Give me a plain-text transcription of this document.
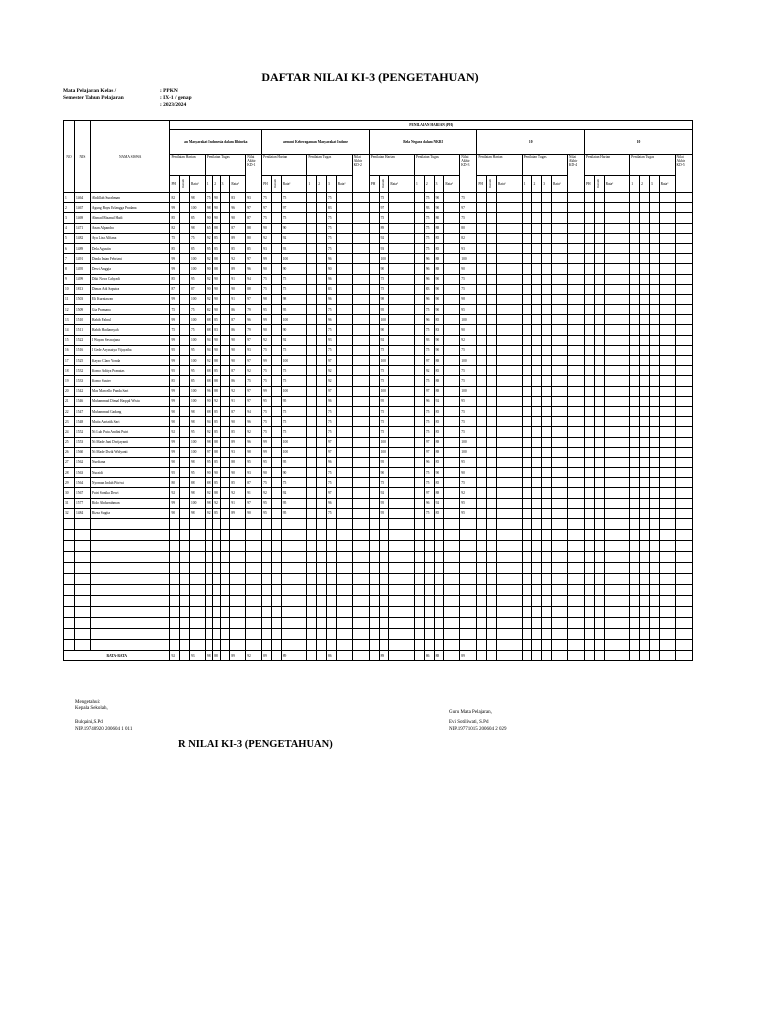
DAFTAR NILAI KI-3 (PENGETAHUAN)
Mata Pelajaran Kelas /	: PPKN
Semester Tahun Pelajaran	: IX-1 / genap
: 2023/2024
NO	NIS	NAMA SISWA	PENILAIAN HARIAN (PH)																																							
			an Masyarakat Indonesia dalam Bhineka								armoni Keberagaman Masyarakat Indone								Bela Negara dalam NKRI								10								10							
			Penilaian Harian			Penilaian Tugas				Nilai Akhir KD-1	Penilaian Harian			Penilaian Tugas				Nilai Akhir KD-2	Penilaian Harian			Penilaian Tugas				Nilai Akhir KD-3	Penilaian Harian			Penilaian Tugas				Nilai Akhir KD-4	Penilaian Harian			Penilaian Tugas				Nilai Akhir KD-5
			PH	Remidi	Rata²	1	2	3	Rata²		PH	Remidi	Rata²	1	2	3	Rata²		PH	Remidi	Rata²	1	2	3	Rata²		PH	Remidi	Rata²	1	2	3	Rata²		PH	Remidi	Rata²	1	2	3	Rata²	
1	1464	Abdillah Surahman	82		98	75	90		83	93	75		75			75				75			75	90		75																
2	1467	Agung Bayu Erlangga Pradana	99		100	98	90		96	97	97		97			83				97			93	90		97																
3	1469	Ahmad Rizanul Hadi	85		85	90	90		90	87	75		75			75				75			75	80		75																
4	1471	Anan Alpandra	82		98	65	88		87	88	90		90			75				89			75	88		80																
5	1482	Ayu Lisa Alfiana	75		75	92	85		89	80	92		92			75				92			75	85		82																
6	1489	Dela Agustin	85		85	95	85		85	85	93		93			75				93			75	85		93																
7	1491	Dinda Intan Febriani	99		100	92	88		92	97	99		100			96				100			96	88		100																
8	1495	Dewi Anggia	99		100	90	88		89	96	90		90			90				90			96	88		90																
9	1499	Diki Nova Cahyadi	85		95	92	90		91	94	75		75			96				75			96	90		75																
10	1813	Dimas Adi Saputra	87		87	90	90		90	88	75		75			83				75			83	90		75																
11	1503	Eli Kurniawan	99		100	92	90		91	97	98		98			96				98			96	90		98																
12	1509	Gia Pramana	75		75	82	90		86	79	95		95			75				95			75	90		95																
13	1510	Habib Fahrul	99		100	88	85		87	96	99		100			96				100			96	85		100																
14	1511	Habib Hadiansyah	75		75	88	83		86	79	90		90			75				90			75	83		90																
15	1522	I Wayan Seswajana	99		100	94	90		90	97	92		92			93				92			93	90		92																
16	1516	I Gede Aryasatya Vijayatha	95		95	94	90		90	93	75		75			75				75			75	90		75																
17	1525	Kayzo Claro Yonda	99		100	92	88		90	97	99		100			97				100			97	88		100																
18	1532	Komo Aditya Pranatas	95		95	88	85		87	92	75		75			92				75			92	85		75																
19	1533	Komo Suster	85		85	88	88		86	75	75		75			92				75			75	88		75																
20	1542	Mas Marcello Panda Sari	99		100	96	88		92	97	99		100			97				100			97	88		100																
21	1546	Muhammad Dimal Haqqal Wistu	99		100	90	92		91	97	95		95			96				95			96	92		95																
22	1547	Muhammad Gadang	90		98	88	85		87	94	75		75			75				75			75	85		75																
23	1548	Mutia Asriatik Sari	90		98	94	85		90	96	75		75			75				75			75	85		75																
24	1552	Ni Luh Putu Andini Putri	92		95	92	85		85	92	75		75			75				75			75	85		75																
25	1553	Ni Made Jani Dwijayanti	99		100	98	88		89	96	99		100			97				100			97	88		100																
26	1560	Ni Made Dwik Widyanti	99		100	97	88		93	98	99		100			97				100			97	88		100																
27	1562	Nurdiana	90		98	95	85		88	95	95		95			96				95			96	85		95																
28	1563	Nuraidi	95		95	90	90		90	93	90		90			75				90			75	90		90																
29	1564	Nyoman Indah Pitriwi	80		88	88	85		85	87	75		75			75				75			75	85		75																
30	1567	Putri Sonika Dewi	92		98	92	88		92	91	92		92			97				92			97	88		92																
31	1577	Rido Abdurrahman	99		100	98	92		91	97	95		95			96				95			96	92		95																
32	1484	Rizsa Sugita	90		98	92	85		89	90	95		95			75				95			75	85		95																

RATA-RATA			92		93	98	88		89	92	89		89			86				89			86	88		89																
Mengetahui:
Kepala Sekolah,
Bulqaini,S.Pd
NIP.19740920 200604 1 011
Guru Mata Pelajaran,
Evi Sotiliwati, S.Pd
NIP.19771015 200604 2 029
R NILAI KI-3 (PENGETAHUAN)
